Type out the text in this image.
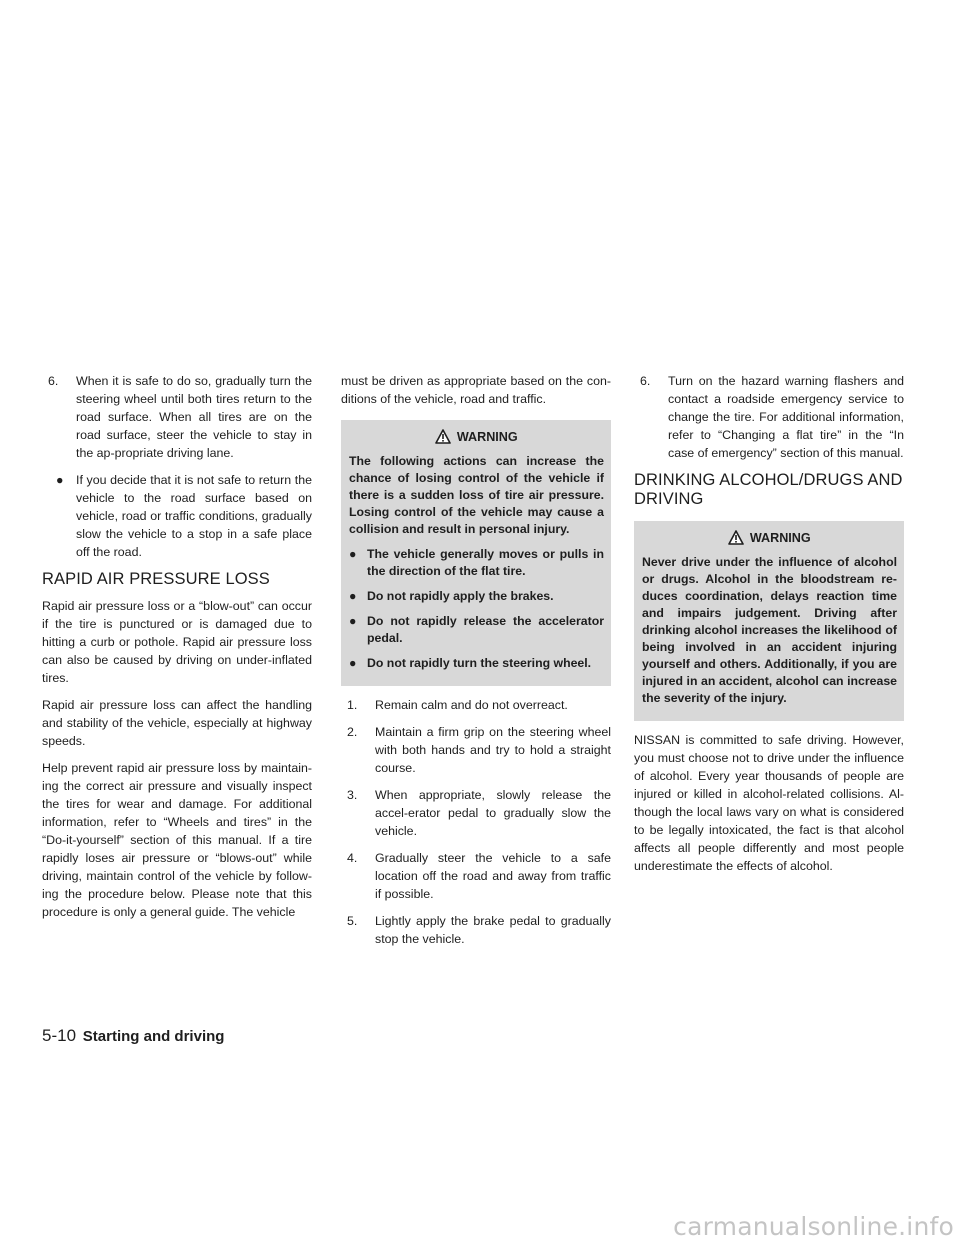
6. When it is safe to do so, gradually turn the steering wheel until both tires return to the road surface. When all tires are on the road surface, steer the vehicle to stay in the ap-propriate driving lane.
● If you decide that it is not safe to return the vehicle to the road surface based on vehicle, road or traffic conditions, gradually slow the vehicle to a stop in a safe place off the road.
RAPID AIR PRESSURE LOSS

Rapid air pressure loss or a “blow-out” can occur if the tire is punctured or is damaged due to hitting a curb or pothole. Rapid air pressure loss can also be caused by driving on under-inflated tires.

Rapid air pressure loss can affect the handling and stability of the vehicle, especially at highway speeds.

Help prevent rapid air pressure loss by maintain-ing the correct air pressure and visually inspect the tires for wear and damage. For additional information, refer to “Wheels and tires” in the “Do-it-yourself” section of this manual. If a tire rapidly loses air pressure or “blows-out” while driving, maintain control of the vehicle by follow-ing the procedure below. Please note that this procedure is only a general guide. The vehicle

must be driven as appropriate based on the con-ditions of the vehicle, road and traffic.

WARNING

The following actions can increase the chance of losing control of the vehicle if there is a sudden loss of tire air pressure. Losing control of the vehicle may cause a collision and result in personal injury.

● The vehicle generally moves or pulls in the direction of the flat tire.
● Do not rapidly apply the brakes.
● Do not rapidly release the accelerator pedal.
● Do not rapidly turn the steering wheel.
1. Remain calm and do not overreact.
2. Maintain a firm grip on the steering wheel with both hands and try to hold a straight course.
3. When appropriate, slowly release the accel-erator pedal to gradually slow the vehicle.
4. Gradually steer the vehicle to a safe location off the road and away from traffic if possible.
5. Lightly apply the brake pedal to gradually stop the vehicle.
6. Turn on the hazard warning flashers and contact a roadside emergency service to change the tire. For additional information, refer to “Changing a flat tire” in the “In case of emergency” section of this manual.
DRINKING ALCOHOL/DRUGS AND DRIVING
WARNING

Never drive under the influence of alcohol or drugs. Alcohol in the bloodstream re-duces coordination, delays reaction time and impairs judgement. Driving after drinking alcohol increases the likelihood of being involved in an accident injuring yourself and others. Additionally, if you are injured in an accident, alcohol can increase the severity of the injury.

NISSAN is committed to safe driving. However, you must choose not to drive under the influence of alcohol. Every year thousands of people are injured or killed in alcohol-related collisions. Al-though the local laws vary on what is considered to be legally intoxicated, the fact is that alcohol affects all people differently and most people underestimate the effects of alcohol.

5-10 Starting and driving
carmanualsonline.info
